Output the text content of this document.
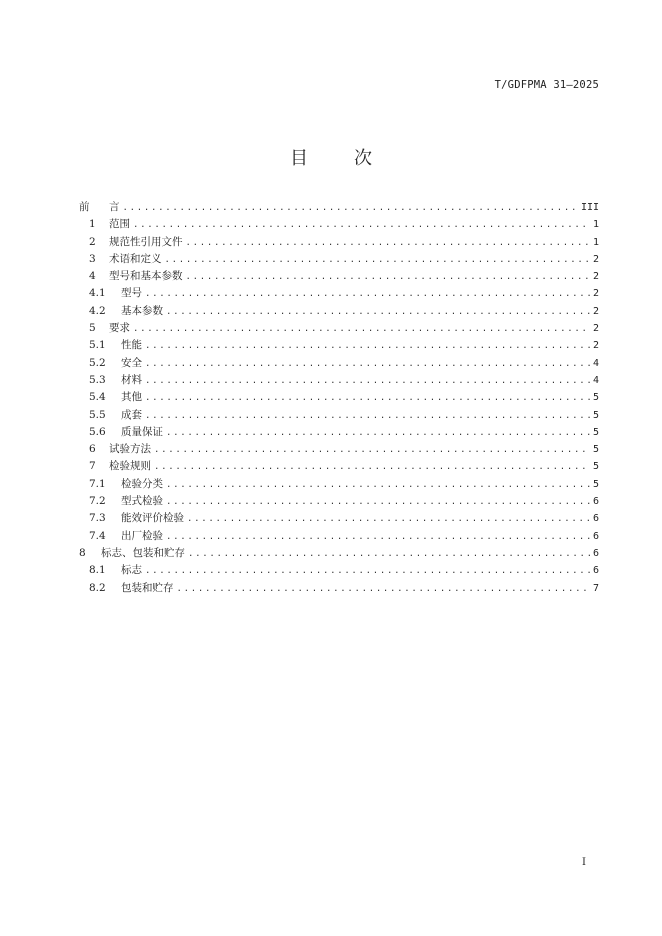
T/GDFPMA 31—2025
目	次
前	言 .....	III
1	范围 .....	1
2	规范性引用文件 .....	1
3	术语和定义 .....	2
4	型号和基本参数 .....	2
4.1	型号 .....	2
4.2	基本参数 .....	2
5	要求 .....	2
5.1	性能 .....	2
5.2	安全 .....	4
5.3	材料 .....	4
5.4	其他 .....	5
5.5	成套 .....	5
5.6	质量保证 .....	5
6	试验方法 .....	5
7	检验规则 .....	5
7.1	检验分类 .....	5
7.2	型式检验 .....	6
7.3	能效评价检验 .....	6
7.4	出厂检验 .....	6
8	标志、包装和贮存 .....	6
8.1	标志 .....	6
8.2	包装和贮存 .....	7
I
